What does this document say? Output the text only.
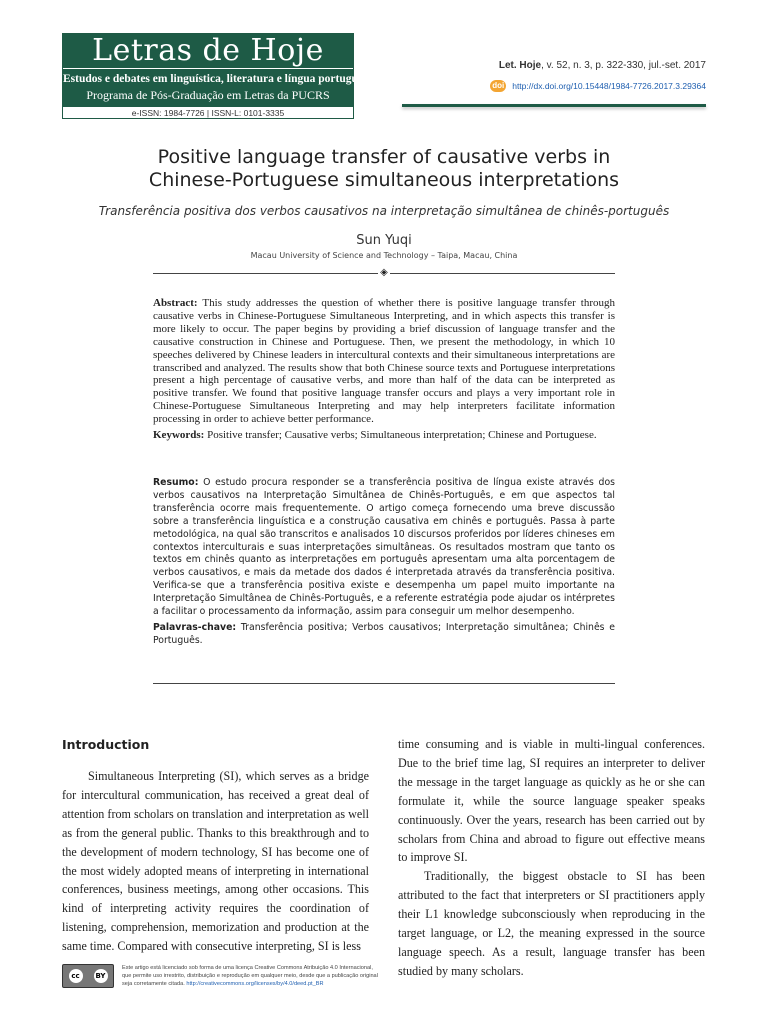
Letras de Hoje
Estudos e debates em linguística, literatura e língua portuguesa
Programa de Pós-Graduação em Letras da PUCRS
e-ISSN: 1984-7726 | ISSN-L: 0101-3335
Let. Hoje, v. 52, n. 3, p. 322-330, jul.-set. 2017
doi http://dx.doi.org/10.15448/1984-7726.2017.3.29364
Positive language transfer of causative verbs in
Chinese-Portuguese simultaneous interpretations
Transferência positiva dos verbos causativos na interpretação simultânea de chinês-português
Sun Yuqi
Macau University of Science and Technology – Taipa, Macau, China
◈

Abstract: This study addresses the question of whether there is positive language transfer through causative verbs in Chinese-Portuguese Simultaneous Interpreting, and in which aspects this transfer is more likely to occur. The paper begins by providing a brief discussion of language transfer and the causative construction in Chinese and Portuguese. Then, we present the methodology, in which 10 speeches delivered by Chinese leaders in intercultural contexts and their simultaneous interpretations are transcribed and analyzed. The results show that both Chinese source texts and Portuguese interpretations present a high percentage of causative verbs, and more than half of the data can be interpreted as positive transfer. We found that positive language transfer occurs and plays a very important role in Chinese-Portuguese Simultaneous Interpreting and may help interpreters facilitate information processing in order to achieve better performance.

Keywords: Positive transfer; Causative verbs; Simultaneous interpretation; Chinese and Portuguese.

Resumo: O estudo procura responder se a transferência positiva de língua existe através dos verbos causativos na Interpretação Simultânea de Chinês-Português, e em que aspectos tal transferência ocorre mais frequentemente. O artigo começa fornecendo uma breve discussão sobre a transferência linguística e a construção causativa em chinês e português. Passa à parte metodológica, na qual são transcritos e analisados 10 discursos proferidos por líderes chineses em contextos interculturais e suas interpretações simultâneas. Os resultados mostram que tanto os textos em chinês quanto as interpretações em português apresentam uma alta porcentagem de verbos causativos, e mais da metade dos dados é interpretada através da transferência positiva. Verifica-se que a transferência positiva existe e desempenha um papel muito importante na Interpretação Simultânea de Chinês-Português, e a referente estratégia pode ajudar os intérpretes a facilitar o processamento da informação, assim para conseguir um melhor desempenho.

Palavras-chave: Transferência positiva; Verbos causativos; Interpretação simultânea; Chinês e Português.

Introduction

Simultaneous Interpreting (SI), which serves as a bridge for intercultural communication, has received a great deal of attention from scholars on translation and interpretation as well as from the general public. Thanks to this breakthrough and to the development of modern technology, SI has become one of the most widely adopted means of interpreting in international conferences, business meetings, among other occasions. This kind of interpreting activity requires the coordination of listening, comprehension, memorization and production at the same time. Compared with consecutive interpreting, SI is less

time consuming and is viable in multi-lingual conferences. Due to the brief time lag, SI requires an interpreter to deliver the message in the target language as quickly as he or she can formulate it, while the source language speaker speaks continuously. Over the years, research has been carried out by scholars from China and abroad to figure out effective means to improve SI.

Traditionally, the biggest obstacle to SI has been attributed to the fact that interpreters or SI practitioners apply their L1 knowledge subconsciously when reproducing in the target language, or L2, the meaning expressed in the source language speech. As a result, language transfer has been studied by many scholars.

cc	BY
Este artigo está licenciado sob forma de uma licença Creative Commons Atribuição 4.0 Internacional, que permite uso irrestrito, distribuição e reprodução em qualquer meio, desde que a publicação original seja corretamente citada. http://creativecommons.org/licenses/by/4.0/deed.pt_BR
